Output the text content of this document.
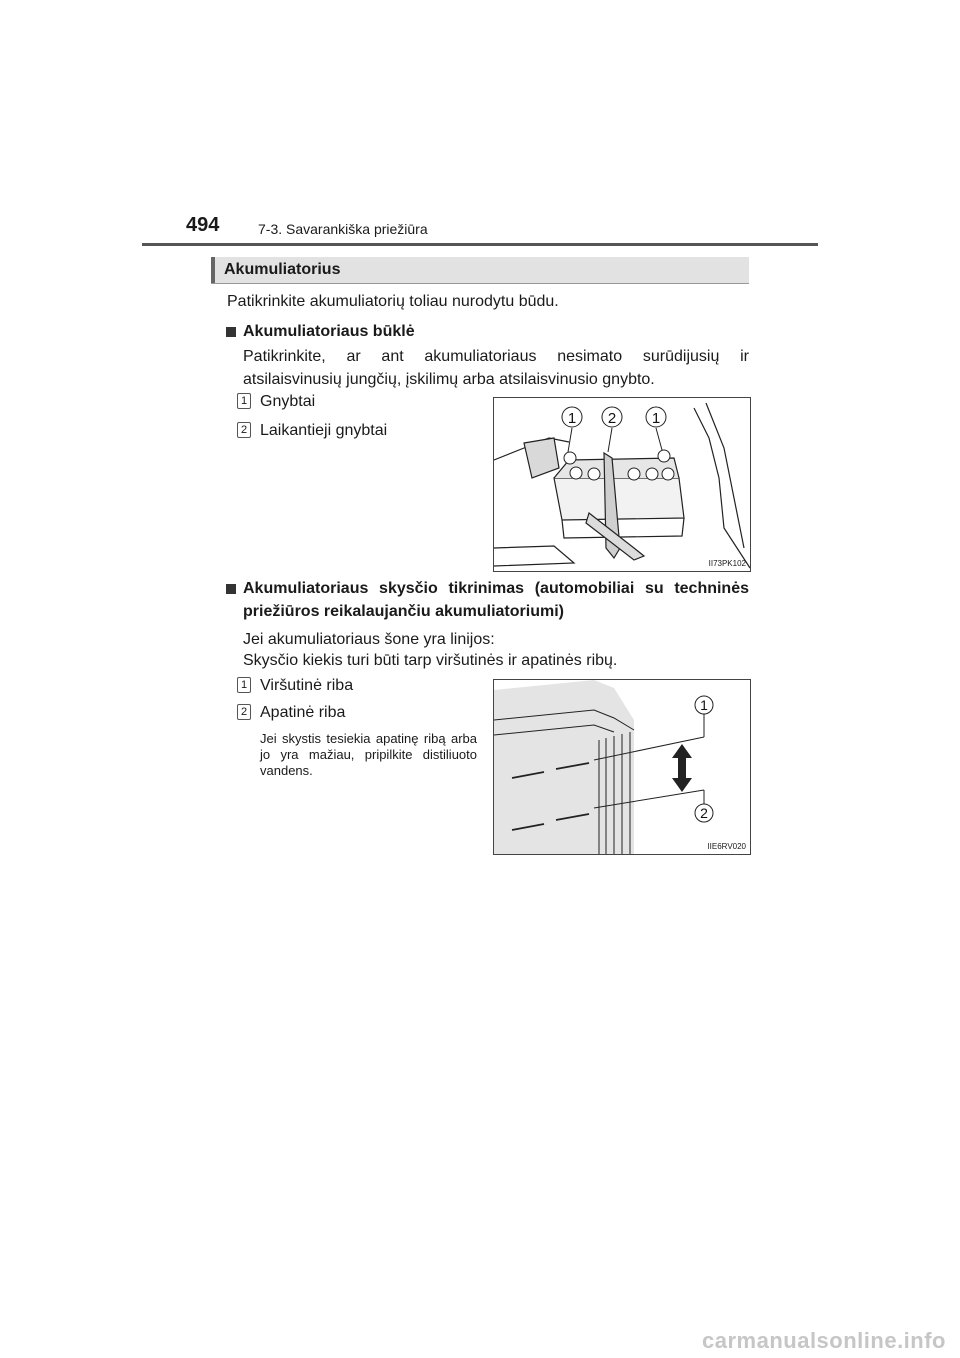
494	7-3. Savarankiška priežiūra
Akumuliatorius
Patikrinkite akumuliatorių toliau nurodytu būdu.
Akumuliatoriaus būklė
Patikrinkite, ar ant akumuliatoriaus nesimato surūdijusių ir
atsilaisvinusių jungčių, įskilimų arba atsilaisvinusio gnybto.
1 Gnybtai
2 Laikantieji gnybtai
1 2 1
II73PK102
Akumuliatoriaus skysčio tikrinimas (automobiliai su techninės
priežiūros reikalaujančiu akumuliatoriumi)
Jei akumuliatoriaus šone yra linijos:
Skysčio kiekis turi būti tarp viršutinės ir apatinės ribų.
1 Viršutinė riba
2 Apatinė riba
Jei skystis tesiekia apatinę ribą arba jo yra mažiau, pripilkite distiliuoto vandens.
1
2
IIE6RV020
carmanualsonline.info
